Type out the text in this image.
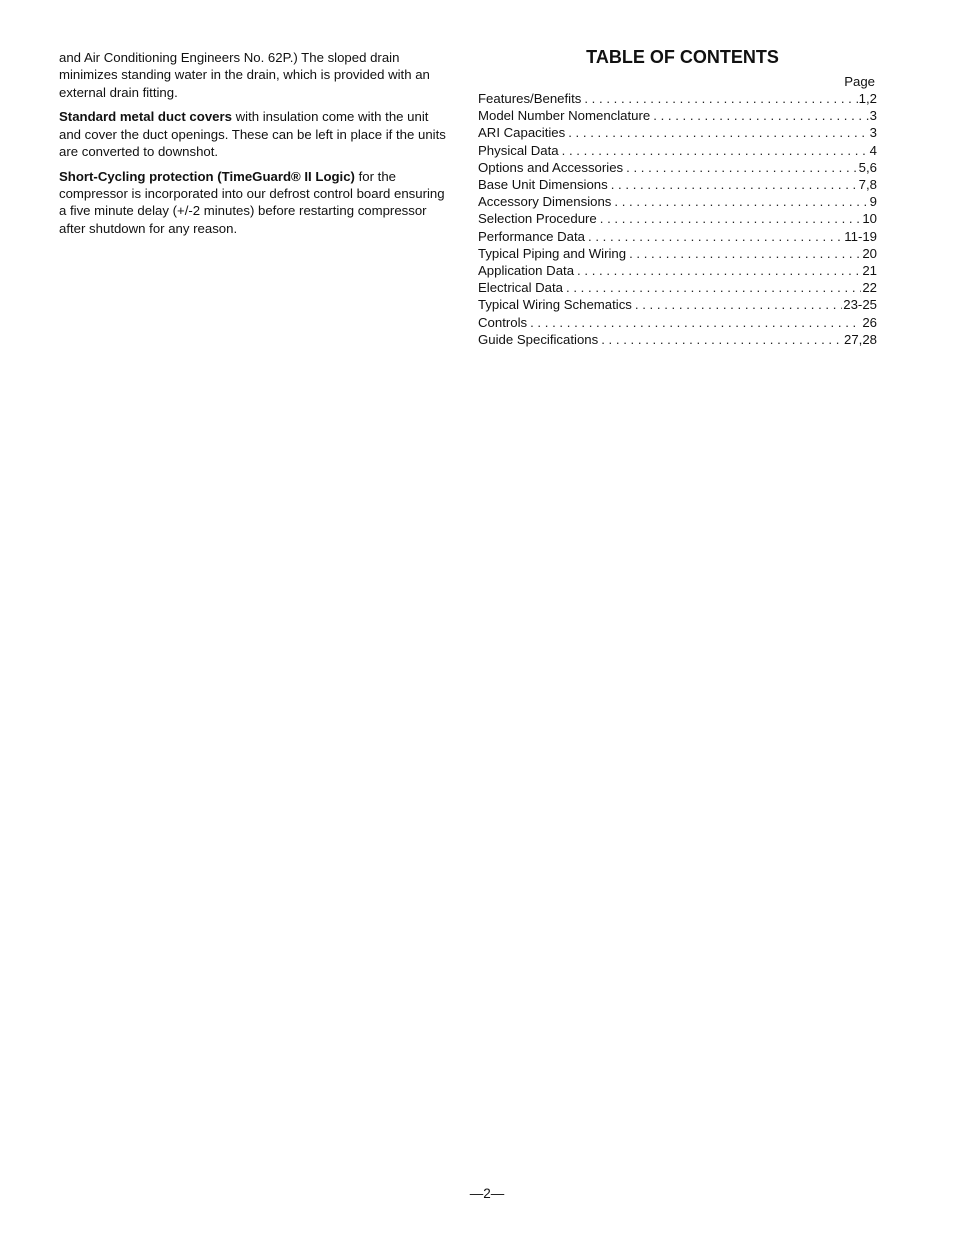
and Air Conditioning Engineers No. 62P.) The sloped drain minimizes standing water in the drain, which is provided with an external drain fitting.

Standard metal duct covers with insulation come with the unit and cover the duct openings. These can be left in place if the units are converted to downshot.

Short-Cycling protection (TimeGuard® II Logic) for the compressor is incorporated into our defrost control board ensuring a five minute delay (+/-2 minutes) before restarting compressor after shutdown for any reason.

TABLE OF CONTENTS
Page
Features/Benefits . . .	1,2
Model Number Nomenclature . . .	3
ARI Capacities . . .	3
Physical Data . . .	4
Options and Accessories . . .	5,6
Base Unit Dimensions . . .	7,8
Accessory Dimensions . . .	9
Selection Procedure . . .	10
Performance Data . . .	11-19
Typical Piping and Wiring . . .	20
Application Data . . .	21
Electrical Data . . .	22
Typical Wiring Schematics . . .	23-25
Controls . . .	26
Guide Specifications . . .	27,28
—2—
